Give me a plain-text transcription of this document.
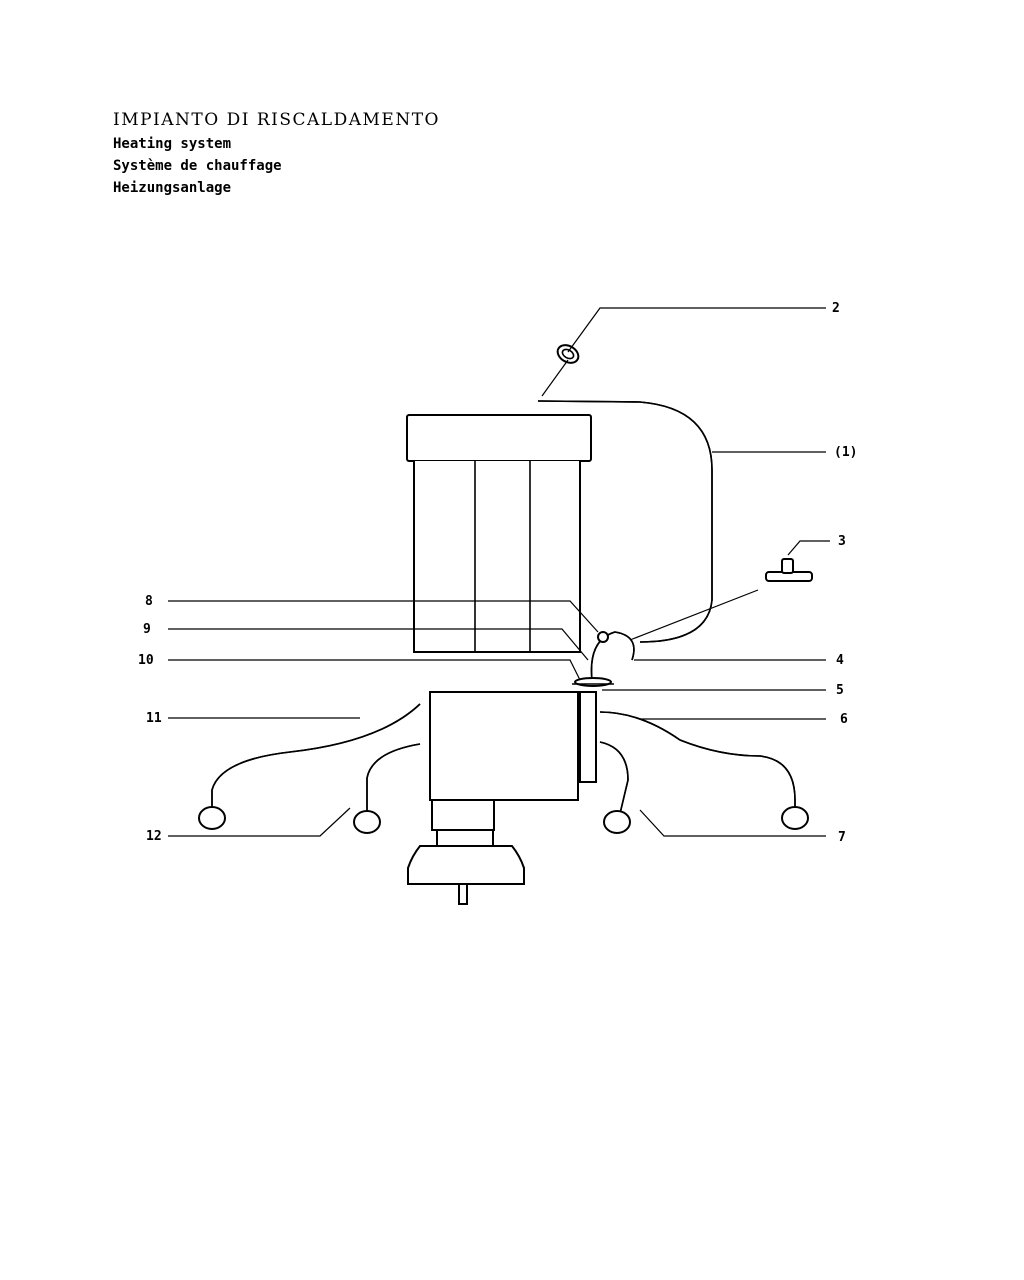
IMPIANTO DI RISCALDAMENTO
Heating system
Système de chauffage
Heizungsanlage
2
(1)
3
8
9
10	4
5
11	6
12	7
